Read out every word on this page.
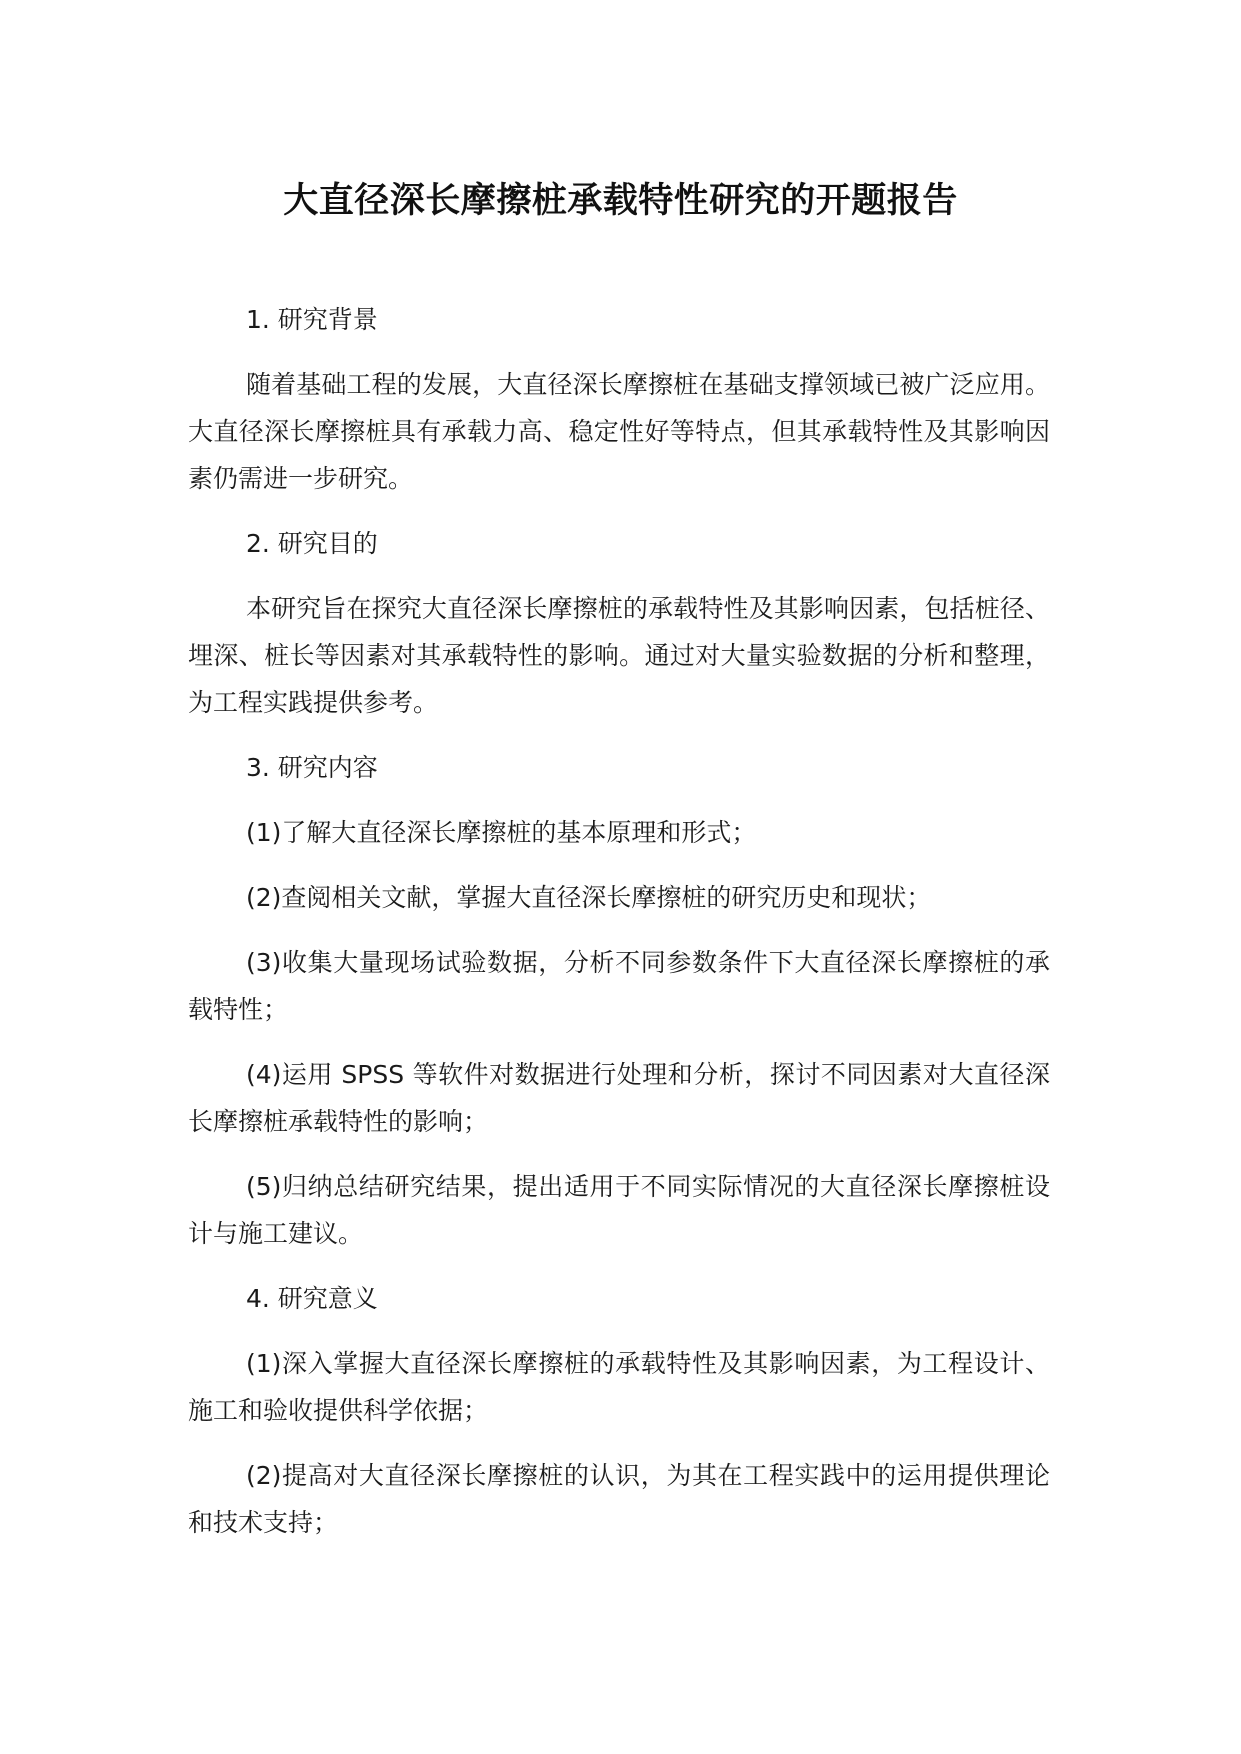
大直径深长摩擦桩承载特性研究的开题报告

1. 研究背景

随着基础工程的发展，大直径深长摩擦桩在基础支撑领域已被广泛应用。大直径深长摩擦桩具有承载力高、稳定性好等特点，但其承载特性及其影响因素仍需进一步研究。

2. 研究目的

本研究旨在探究大直径深长摩擦桩的承载特性及其影响因素，包括桩径、埋深、桩长等因素对其承载特性的影响。通过对大量实验数据的分析和整理，为工程实践提供参考。

3. 研究内容

(1)了解大直径深长摩擦桩的基本原理和形式；

(2)查阅相关文献，掌握大直径深长摩擦桩的研究历史和现状；

(3)收集大量现场试验数据，分析不同参数条件下大直径深长摩擦桩的承载特性；

(4)运用 SPSS 等软件对数据进行处理和分析，探讨不同因素对大直径深长摩擦桩承载特性的影响；

(5)归纳总结研究结果，提出适用于不同实际情况的大直径深长摩擦桩设计与施工建议。

4. 研究意义

(1)深入掌握大直径深长摩擦桩的承载特性及其影响因素，为工程设计、施工和验收提供科学依据；

(2)提高对大直径深长摩擦桩的认识，为其在工程实践中的运用提供理论和技术支持；
